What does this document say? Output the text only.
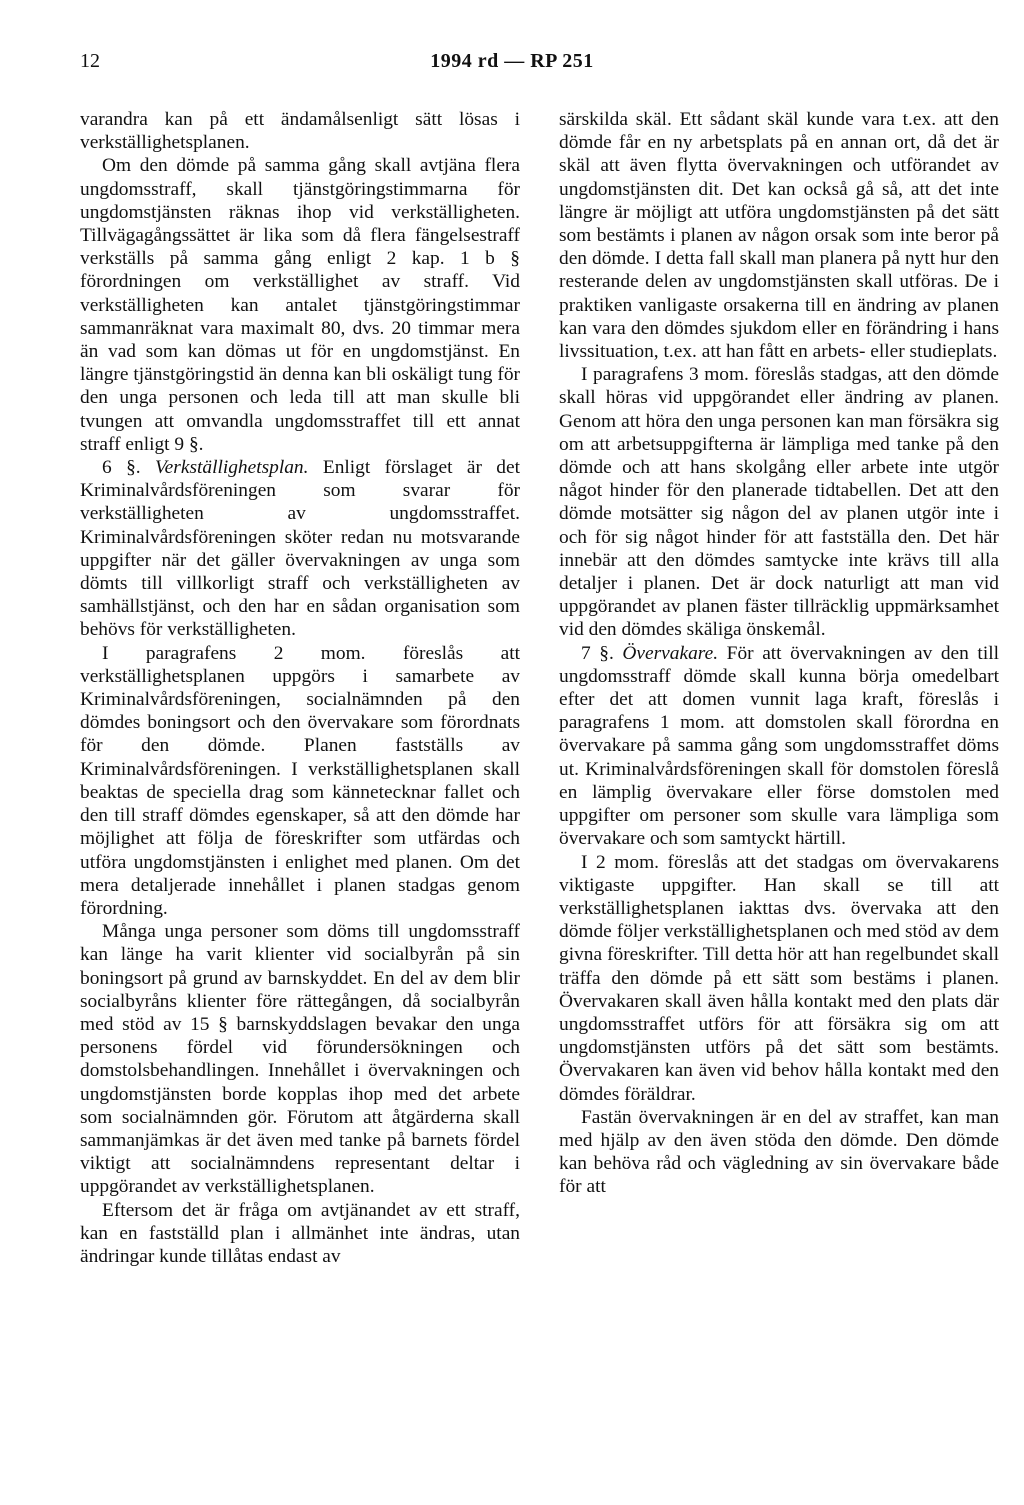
12	1994 rd — RP 251

varandra kan på ett ändamålsenligt sätt lösas i verkställighetsplanen.

Om den dömde på samma gång skall avtjäna flera ungdomsstraff, skall tjänstgöringstimmarna för ungdomstjänsten räknas ihop vid verkställigheten. Tillvägagångssättet är lika som då flera fängelsestraff verkställs på samma gång enligt 2 kap. 1 b § förordningen om verkställighet av straff. Vid verkställigheten kan antalet tjänstgöringstimmar sammanräknat vara maximalt 80, dvs. 20 timmar mera än vad som kan dömas ut för en ungdomstjänst. En längre tjänstgöringstid än denna kan bli oskäligt tung för den unga personen och leda till att man skulle bli tvungen att omvandla ungdomsstraffet till ett annat straff enligt 9 §.

6 §. Verkställighetsplan. Enligt förslaget är det Kriminalvårdsföreningen som svarar för verkställigheten av ungdomsstraffet. Kriminalvårdsföreningen sköter redan nu motsvarande uppgifter när det gäller övervakningen av unga som dömts till villkorligt straff och verkställigheten av samhällstjänst, och den har en sådan organisation som behövs för verkställigheten.

I paragrafens 2 mom. föreslås att verkställighetsplanen uppgörs i samarbete av Kriminalvårdsföreningen, socialnämnden på den dömdes boningsort och den övervakare som förordnats för den dömde. Planen fastställs av Kriminalvårdsföreningen. I verkställighetsplanen skall beaktas de speciella drag som kännetecknar fallet och den till straff dömdes egenskaper, så att den dömde har möjlighet att följa de föreskrifter som utfärdas och utföra ungdomstjänsten i enlighet med planen. Om det mera detaljerade innehållet i planen stadgas genom förordning.

Många unga personer som döms till ungdomsstraff kan länge ha varit klienter vid socialbyrån på sin boningsort på grund av barnskyddet. En del av dem blir socialbyråns klienter före rättegången, då socialbyrån med stöd av 15 § barnskyddslagen bevakar den unga personens fördel vid förundersökningen och domstolsbehandlingen. Innehållet i övervakningen och ungdomstjänsten borde kopplas ihop med det arbete som socialnämnden gör. Förutom att åtgärderna skall sammanjämkas är det även med tanke på barnets fördel viktigt att socialnämndens representant deltar i uppgörandet av verkställighetsplanen.

Eftersom det är fråga om avtjänandet av ett straff, kan en fastställd plan i allmänhet inte ändras, utan ändringar kunde tillåtas endast av

särskilda skäl. Ett sådant skäl kunde vara t.ex. att den dömde får en ny arbetsplats på en annan ort, då det är skäl att även flytta övervakningen och utförandet av ungdomstjänsten dit. Det kan också gå så, att det inte längre är möjligt att utföra ungdomstjänsten på det sätt som bestämts i planen av någon orsak som inte beror på den dömde. I detta fall skall man planera på nytt hur den resterande delen av ungdomstjänsten skall utföras. De i praktiken vanligaste orsakerna till en ändring av planen kan vara den dömdes sjukdom eller en förändring i hans livssituation, t.ex. att han fått en arbets- eller studieplats.

I paragrafens 3 mom. föreslås stadgas, att den dömde skall höras vid uppgörandet eller ändring av planen. Genom att höra den unga personen kan man försäkra sig om att arbetsuppgifterna är lämpliga med tanke på den dömde och att hans skolgång eller arbete inte utgör något hinder för den planerade tidtabellen. Det att den dömde motsätter sig någon del av planen utgör inte i och för sig något hinder för att fastställa den. Det här innebär att den dömdes samtycke inte krävs till alla detaljer i planen. Det är dock naturligt att man vid uppgörandet av planen fäster tillräcklig uppmärksamhet vid den dömdes skäliga önskemål.

7 §. Övervakare. För att övervakningen av den till ungdomsstraff dömde skall kunna börja omedelbart efter det att domen vunnit laga kraft, föreslås i paragrafens 1 mom. att domstolen skall förordna en övervakare på samma gång som ungdomsstraffet döms ut. Kriminalvårdsföreningen skall för domstolen föreslå en lämplig övervakare eller förse domstolen med uppgifter om personer som skulle vara lämpliga som övervakare och som samtyckt härtill.

I 2 mom. föreslås att det stadgas om övervakarens viktigaste uppgifter. Han skall se till att verkställighetsplanen iakttas dvs. övervaka att den dömde följer verkställighetsplanen och med stöd av dem givna föreskrifter. Till detta hör att han regelbundet skall träffa den dömde på ett sätt som bestäms i planen. Övervakaren skall även hålla kontakt med den plats där ungdomsstraffet utförs för att försäkra sig om att ungdomstjänsten utförs på det sätt som bestämts. Övervakaren kan även vid behov hålla kontakt med den dömdes föräldrar.

Fastän övervakningen är en del av straffet, kan man med hjälp av den även stöda den dömde. Den dömde kan behöva råd och vägledning av sin övervakare både för att
